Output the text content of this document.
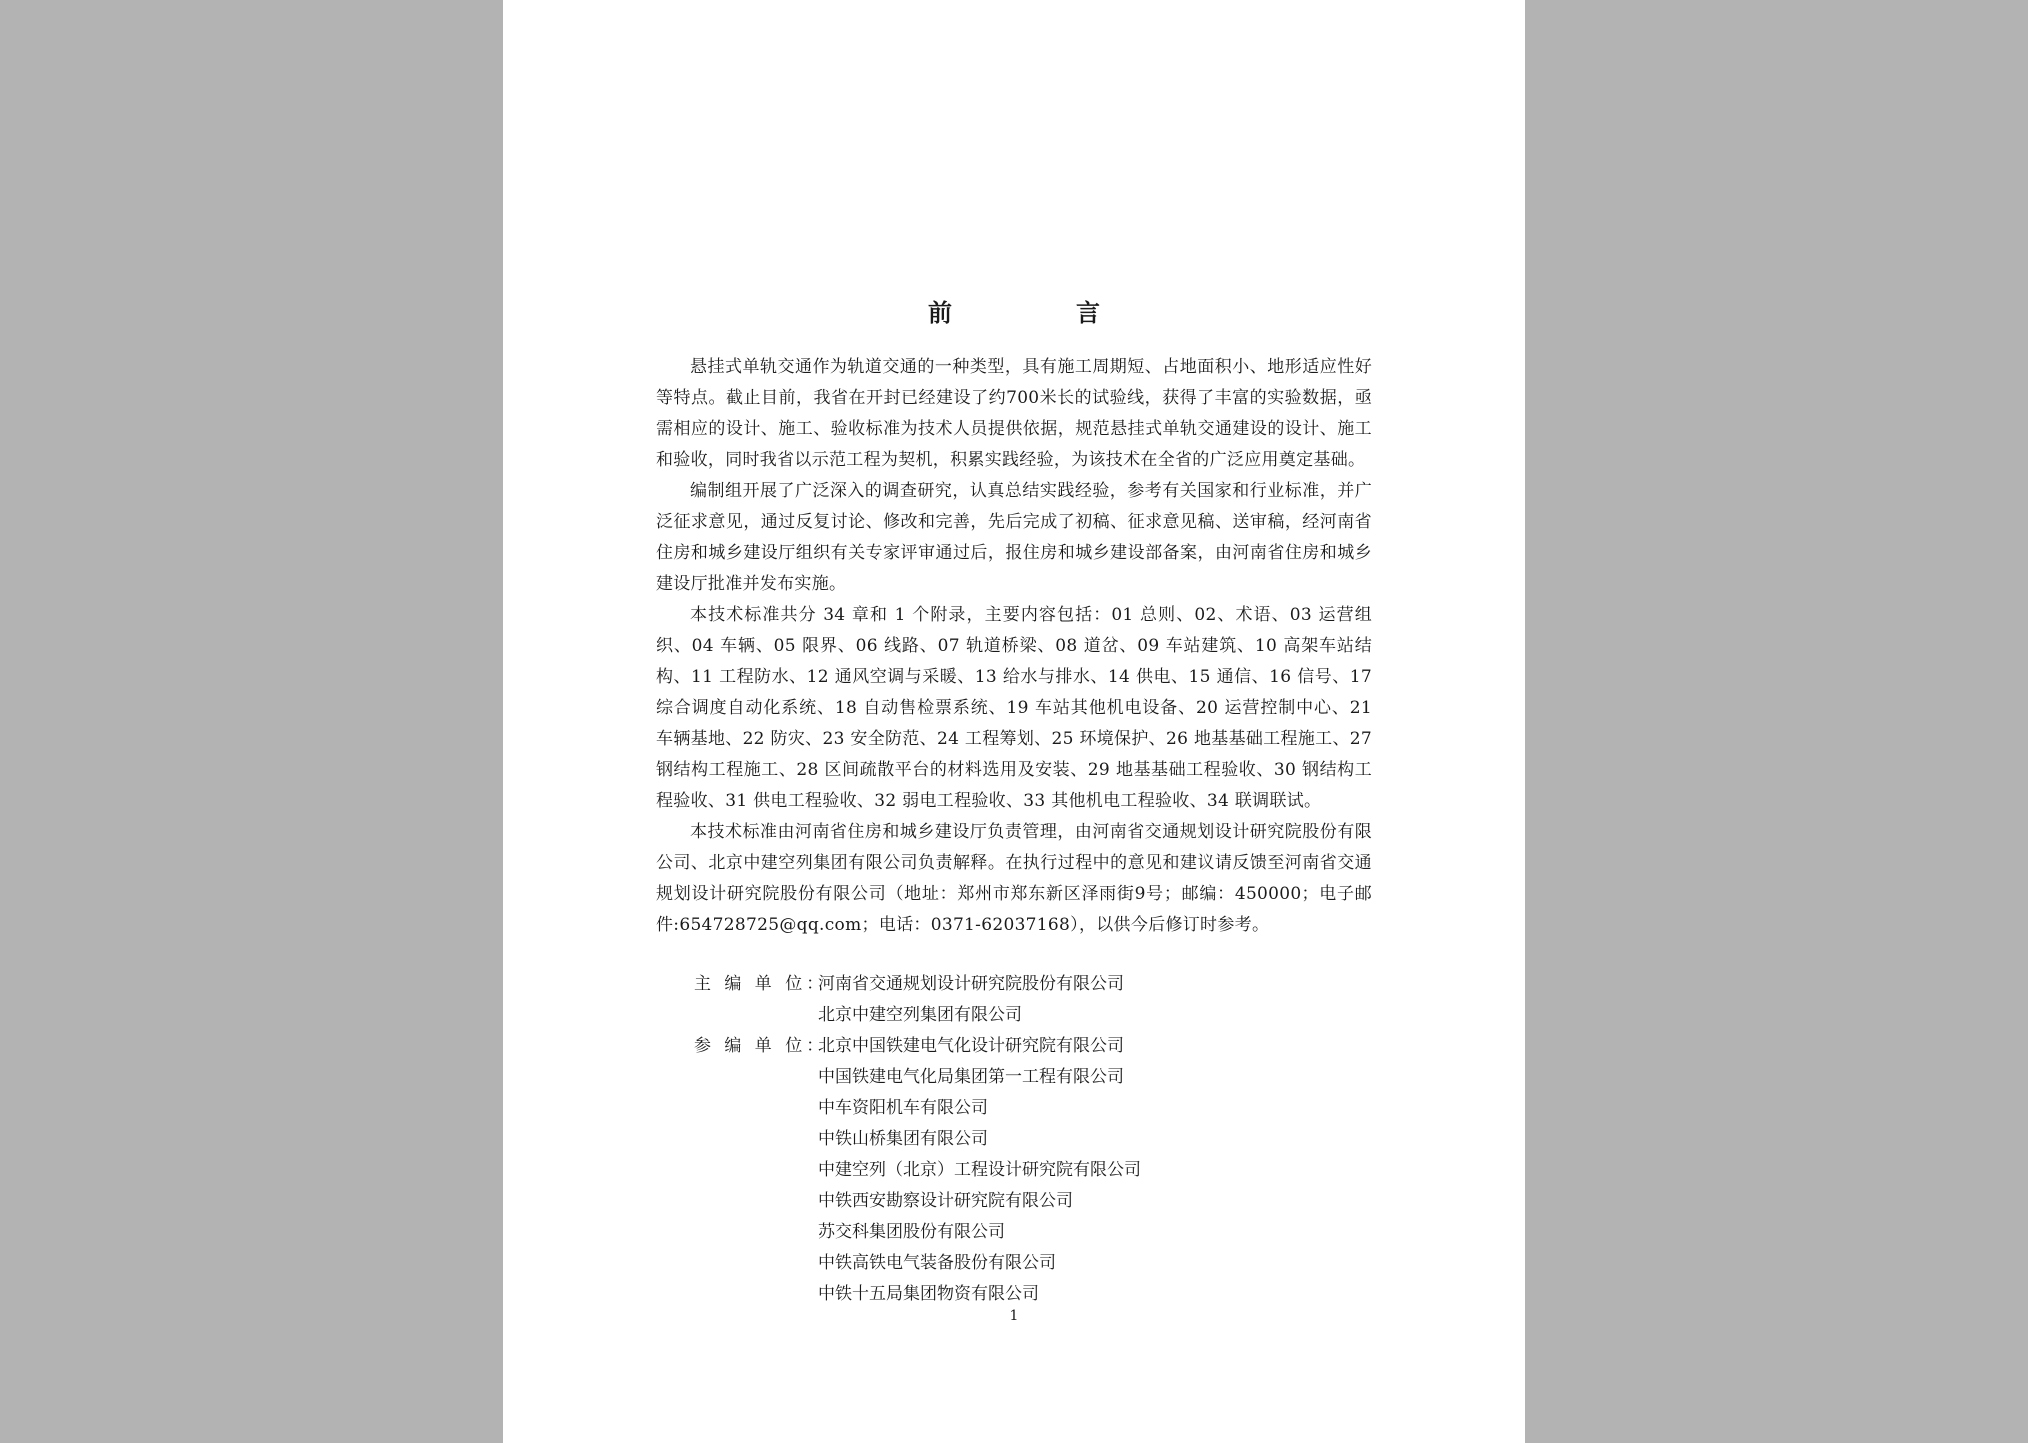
前　言

悬挂式单轨交通作为轨道交通的一种类型，具有施工周期短、占地面积小、地形适应性好等特点。截止目前，我省在开封已经建设了约700米长的试验线，获得了丰富的实验数据，亟需相应的设计、施工、验收标准为技术人员提供依据，规范悬挂式单轨交通建设的设计、施工和验收，同时我省以示范工程为契机，积累实践经验，为该技术在全省的广泛应用奠定基础。

编制组开展了广泛深入的调查研究，认真总结实践经验，参考有关国家和行业标准，并广泛征求意见，通过反复讨论、修改和完善，先后完成了初稿、征求意见稿、送审稿，经河南省住房和城乡建设厅组织有关专家评审通过后，报住房和城乡建设部备案，由河南省住房和城乡建设厅批准并发布实施。

本技术标准共分 34 章和 1 个附录，主要内容包括：01 总则、02、术语、03 运营组织、04 车辆、05 限界、06 线路、07 轨道桥梁、08 道岔、09 车站建筑、10 高架车站结构、11 工程防水、12 通风空调与采暖、13 给水与排水、14 供电、15 通信、16 信号、17 综合调度自动化系统、18 自动售检票系统、19 车站其他机电设备、20 运营控制中心、21 车辆基地、22 防灾、23 安全防范、24 工程筹划、25 环境保护、26 地基基础工程施工、27 钢结构工程施工、28 区间疏散平台的材料选用及安装、29 地基基础工程验收、30 钢结构工程验收、31 供电工程验收、32 弱电工程验收、33 其他机电工程验收、34 联调联试。

本技术标准由河南省住房和城乡建设厅负责管理，由河南省交通规划设计研究院股份有限公司、北京中建空列集团有限公司负责解释。在执行过程中的意见和建议请反馈至河南省交通规划设计研究院股份有限公司（地址：郑州市郑东新区泽雨街9号；邮编：450000；电子邮件:654728725@qq.com；电话：0371-62037168），以供今后修订时参考。

主 编 单 位：
河南省交通规划设计研究院股份有限公司
北京中建空列集团有限公司
参 编 单 位：
北京中国铁建电气化设计研究院有限公司
中国铁建电气化局集团第一工程有限公司
中车资阳机车有限公司
中铁山桥集团有限公司
中建空列（北京）工程设计研究院有限公司
中铁西安勘察设计研究院有限公司
苏交科集团股份有限公司
中铁高铁电气装备股份有限公司
中铁十五局集团物资有限公司
1
